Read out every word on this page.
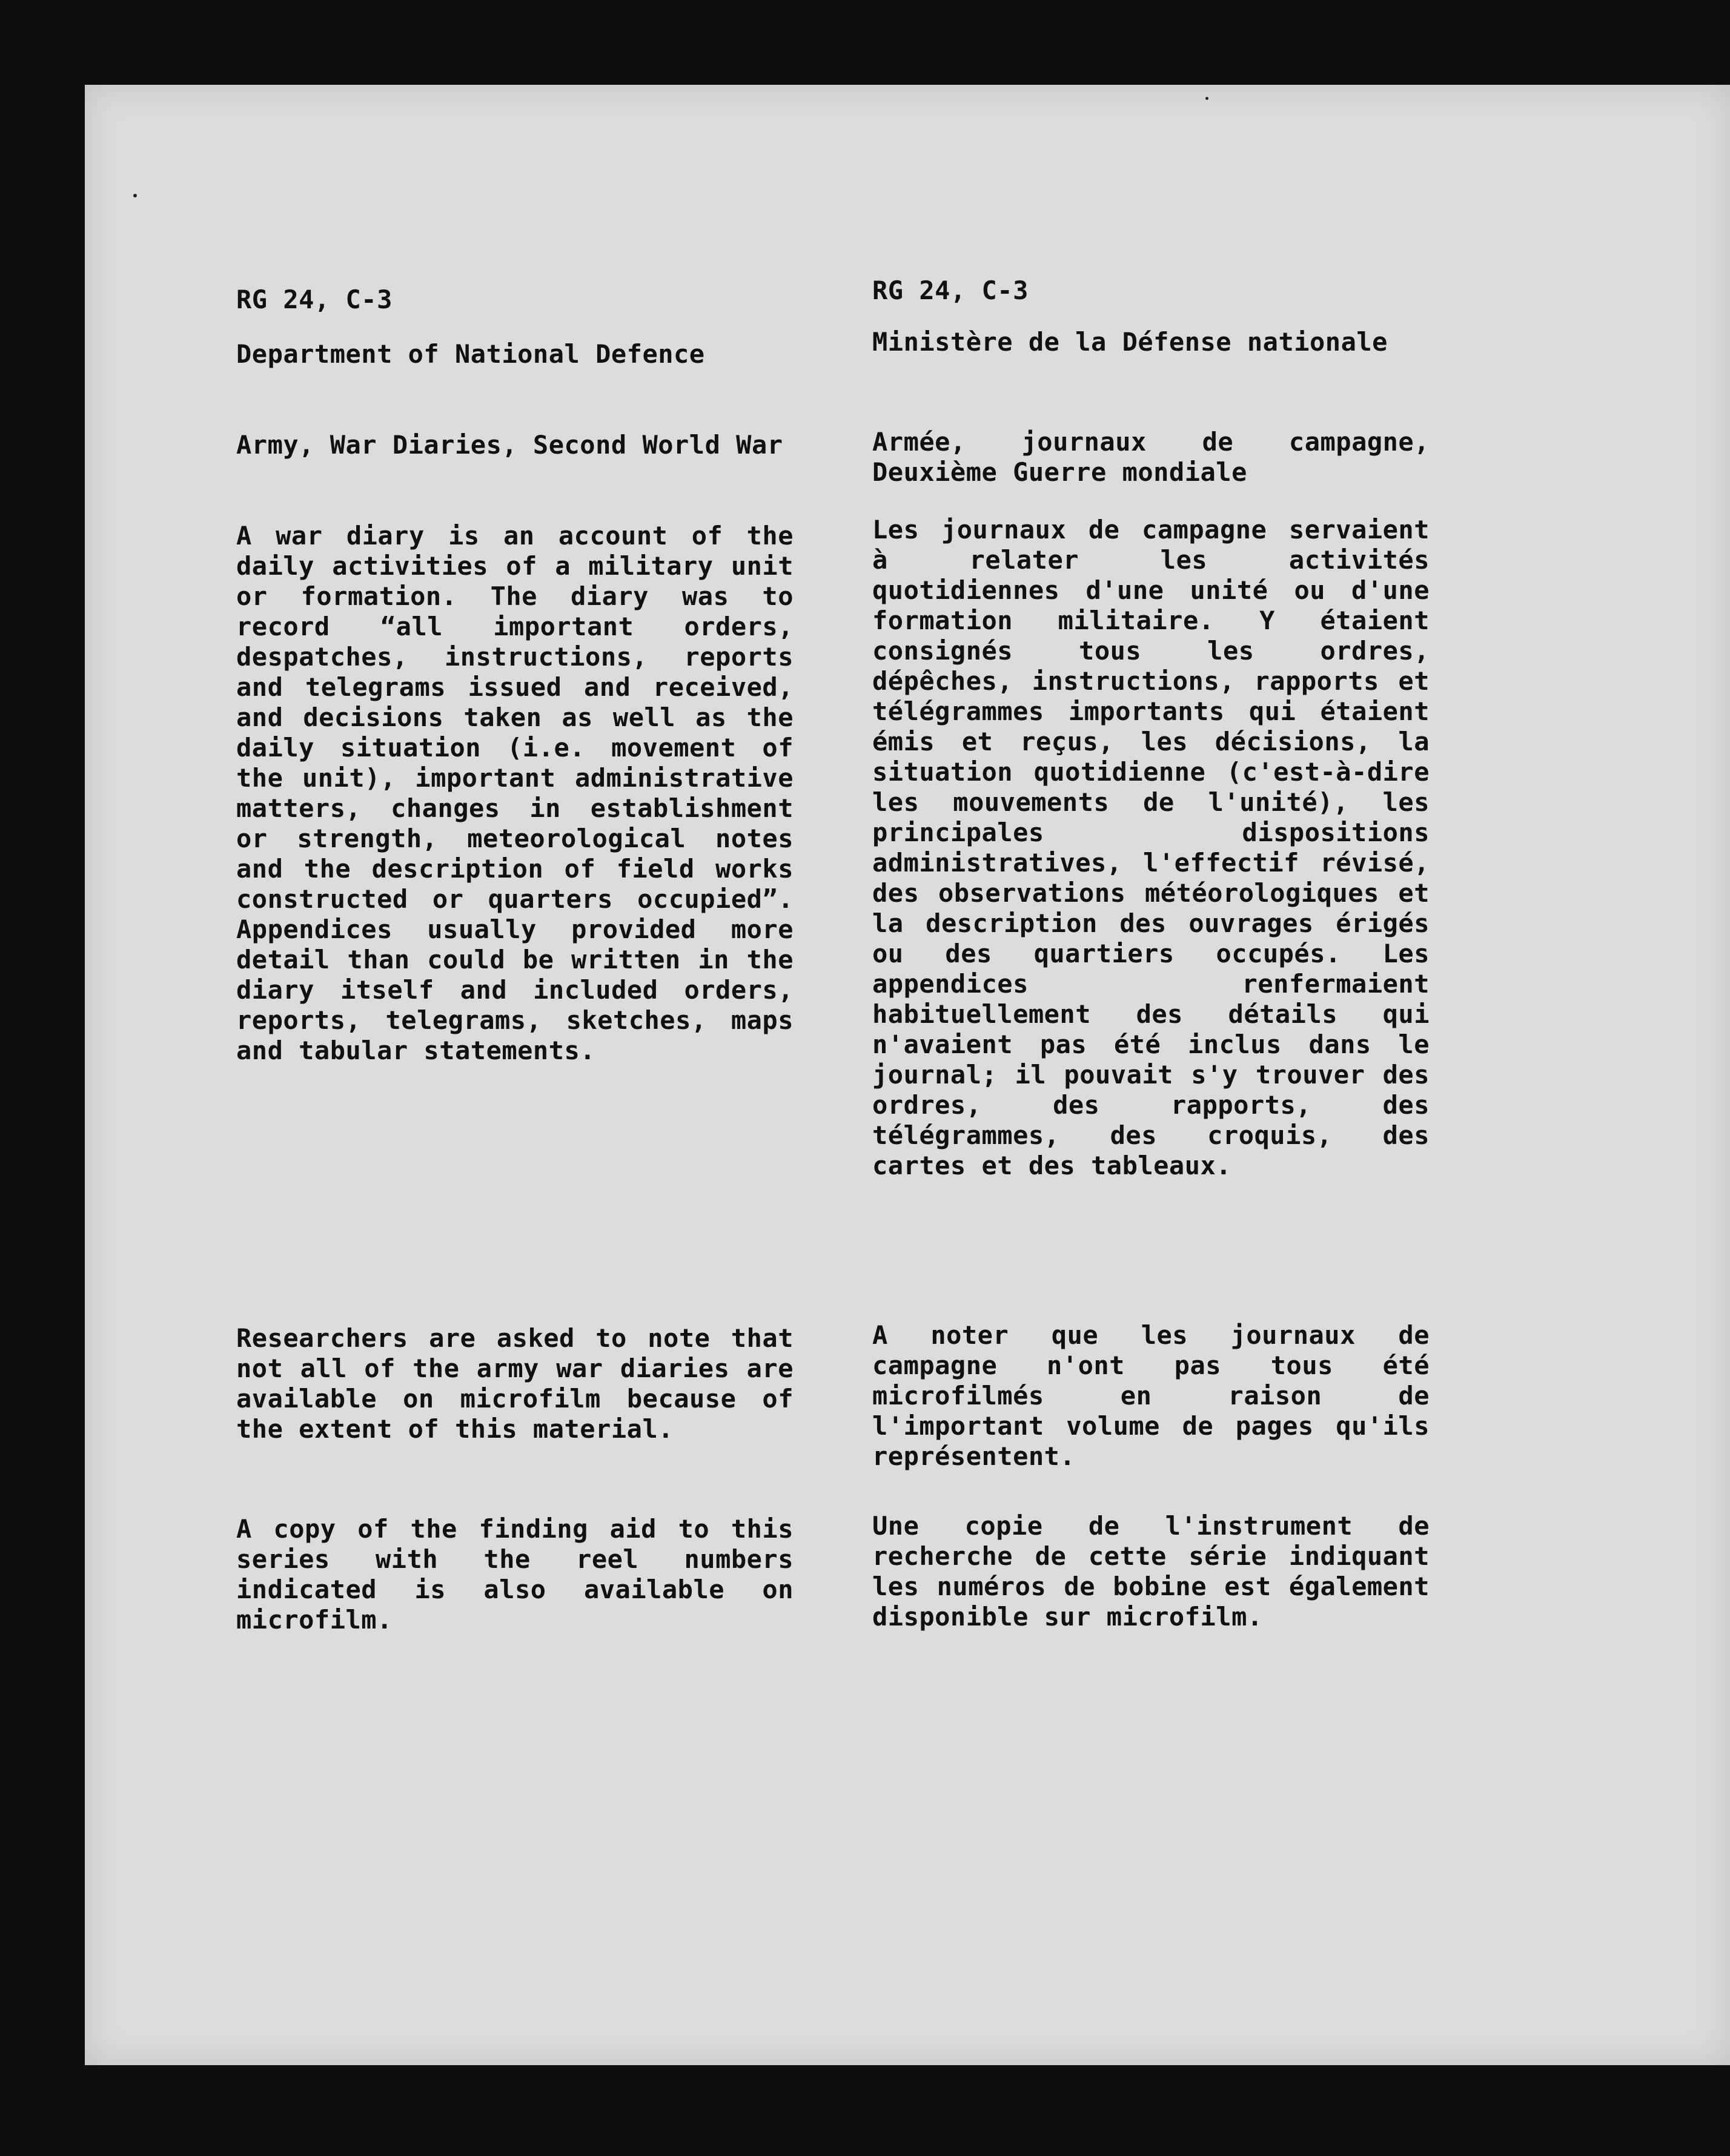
RG 24, C-3

Department of National Defence

Army, War Diaries, Second World War

A war diary is an account of the daily activities of a military unit or formation. The diary was to record “all important orders, despatches, instructions, reports and telegrams issued and received, and decisions taken as well as the daily situation (i.e. movement of the unit), important administrative matters, changes in establishment or strength, meteorological notes and the description of field works constructed or quarters occupied”. Appendices usually provided more detail than could be written in the diary itself and included orders, reports, telegrams, sketches, maps and tabular statements.

Researchers are asked to note that not all of the army war diaries are available on microfilm because of the extent of this material.

A copy of the finding aid to this series with the reel numbers indicated is also available on microfilm.

RG 24, C-3

Ministère de la Défense nationale

Armée, journaux de campagne, Deuxième Guerre mondiale

Les journaux de campagne servaient à relater les activités quotidiennes d'une unité ou d'une formation militaire. Y étaient consignés tous les ordres, dépêches, instructions, rapports et télégrammes importants qui étaient émis et reçus, les décisions, la situation quotidienne (c'est-à-dire les mouvements de l'unité), les principales dispositions administratives, l'effectif révisé, des observations météorologiques et la description des ouvrages érigés ou des quartiers occupés. Les appendices renfermaient habituellement des détails qui n'avaient pas été inclus dans le journal; il pouvait s'y trouver des ordres, des rapports, des télégrammes, des croquis, des cartes et des tableaux.

A noter que les journaux de campagne n'ont pas tous été microfilmés en raison de l'important volume de pages qu'ils représentent.

Une copie de l'instrument de recherche de cette série indiquant les numéros de bobine est également disponible sur microfilm.
